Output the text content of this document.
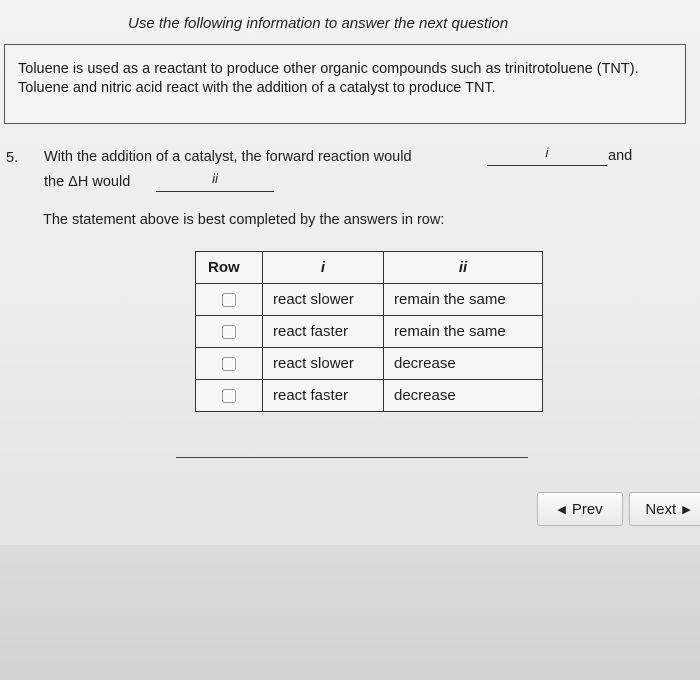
Use the following information to answer the next question

Toluene is used as a reactant to produce other organic compounds such as trinitrotoluene (TNT). Toluene and nitric acid react with the addition of a catalyst to produce TNT.

5. With the addition of a catalyst, the forward reaction would	i	and
the ΔH would	ii
The statement above is best completed by the answers in row:
Row	i	ii
	react slower	remain the same
	react faster	remain the same
	react slower	decrease
	react faster	decrease
◀ Prev	Next ▶
